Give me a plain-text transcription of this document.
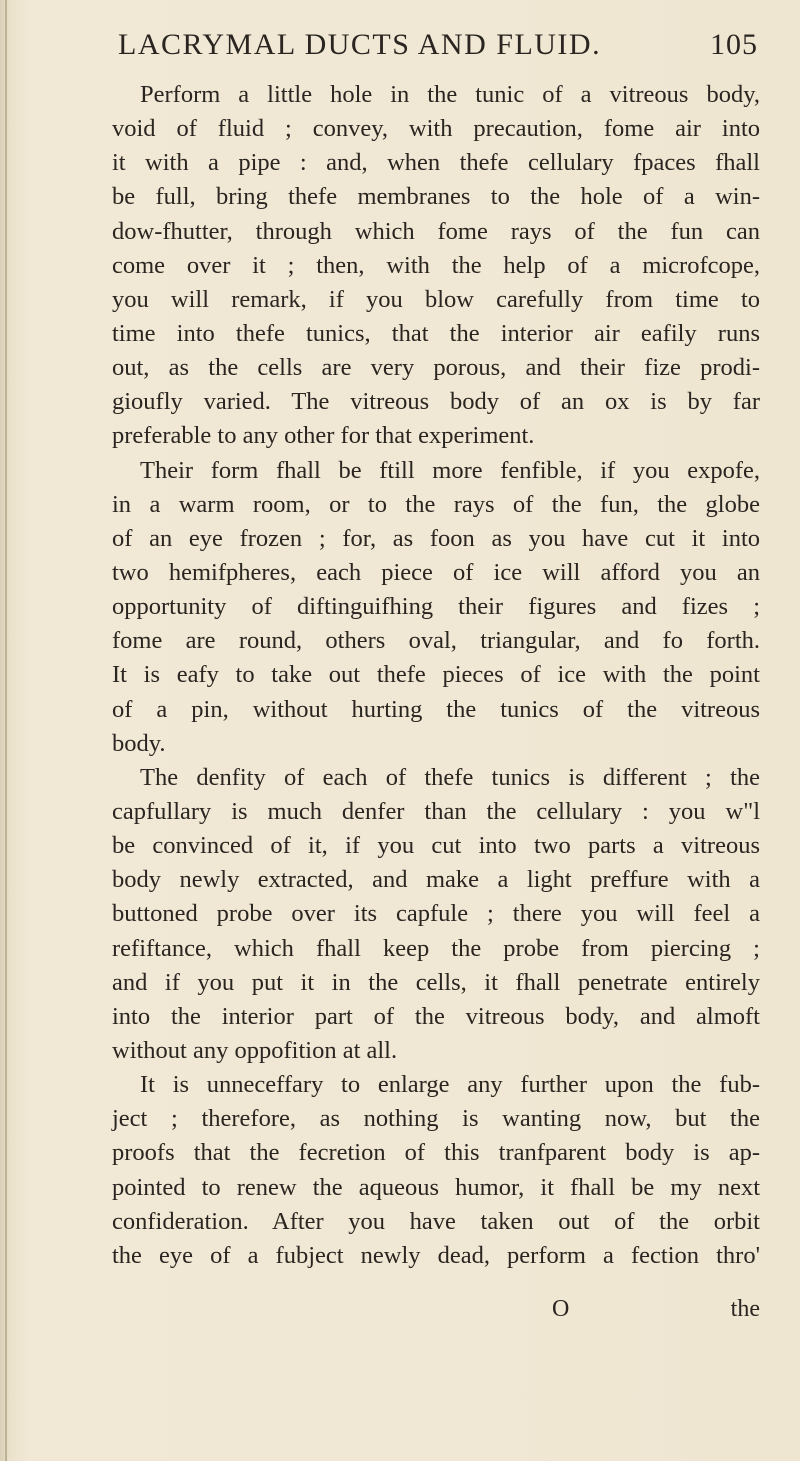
LACRYMAL DUCTS AND FLUID.	105
Perform a little hole in the tunic of a vitreous body,
void of fluid ; convey, with precaution, fome air into
it with a pipe : and, when thefe cellulary fpaces fhall
be full, bring thefe membranes to the hole of a win-
dow-fhutter, through which fome rays of the fun can
come over it ; then, with the help of a microfcope,
you will remark, if you blow carefully from time to
time into thefe tunics, that the interior air eafily runs
out, as the cells are very porous, and their fize prodi-
gioufly varied. The vitreous body of an ox is by far
preferable to any other for that experiment.
Their form fhall be ftill more fenfible, if you expofe,
in a warm room, or to the rays of the fun, the globe
of an eye frozen ; for, as foon as you have cut it into
two hemifpheres, each piece of ice will afford you an
opportunity of diftinguifhing their figures and fizes ;
fome are round, others oval, triangular, and fo forth.
It is eafy to take out thefe pieces of ice with the point
of a pin, without hurting the tunics of the vitreous
body.
The denfity of each of thefe tunics is different ; the
capfullary is much denfer than the cellulary : you w"l
be convinced of it, if you cut into two parts a vitreous
body newly extracted, and make a light preffure with a
buttoned probe over its capfule ; there you will feel a
refiftance, which fhall keep the probe from piercing ;
and if you put it in the cells, it fhall penetrate entirely
into the interior part of the vitreous body, and almoft
without any oppofition at all.
It is unneceffary to enlarge any further upon the fub-
ject ; therefore, as nothing is wanting now, but the
proofs that the fecretion of this tranfparent body is ap-
pointed to renew the aqueous humor, it fhall be my next
confideration. After you have taken out of the orbit
the eye of a fubject newly dead, perform a fection thro'
O	the
